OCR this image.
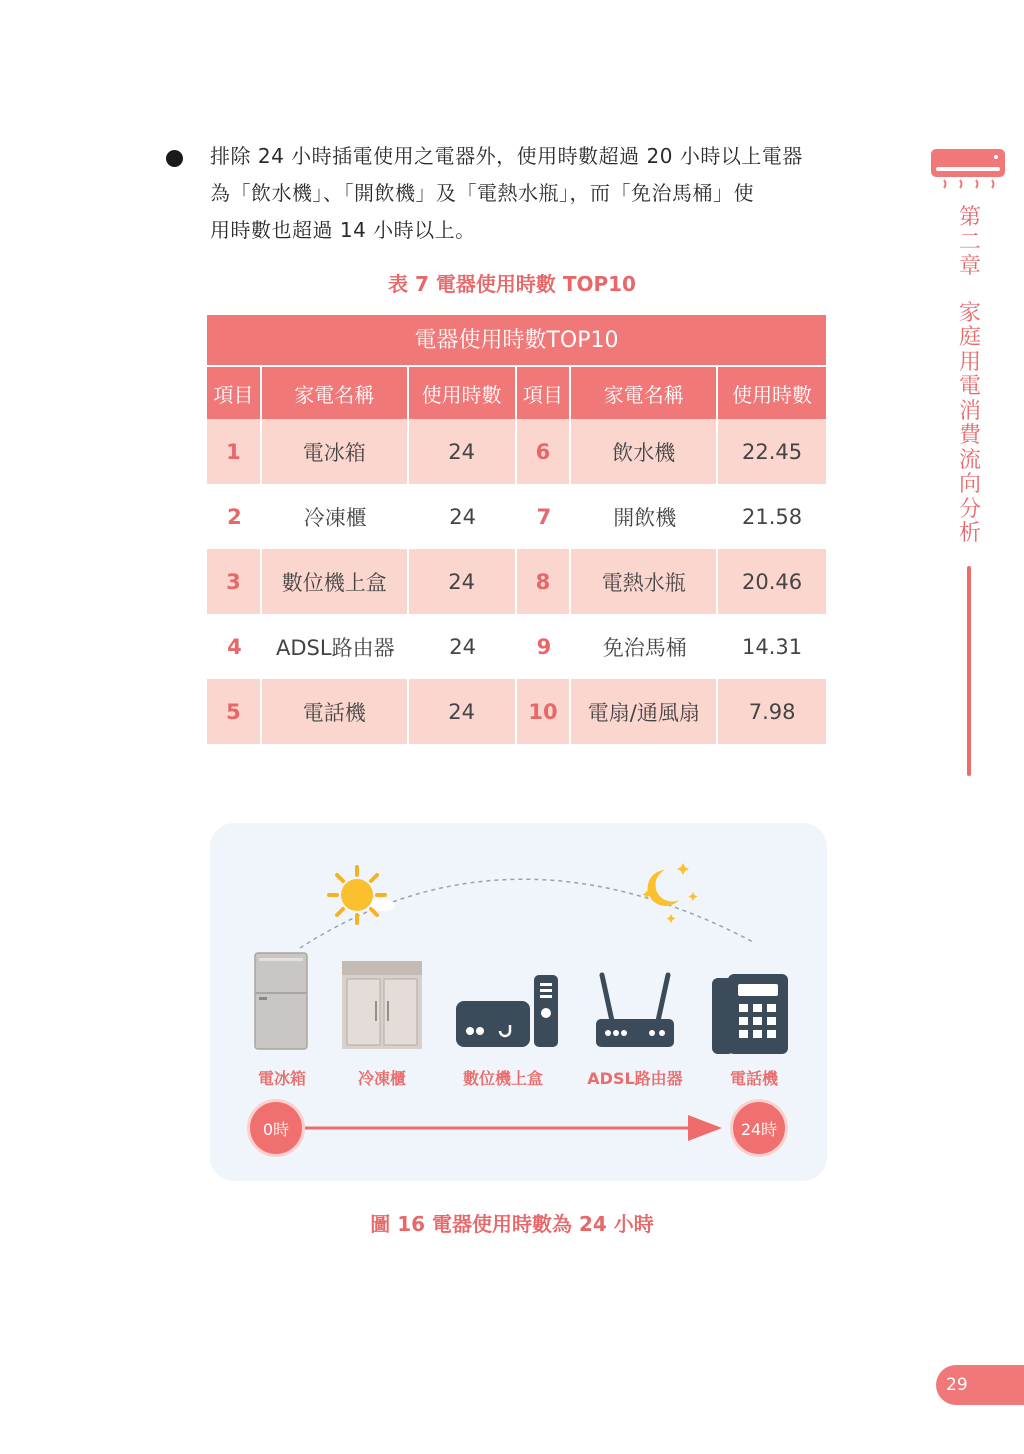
第
二
章
家
庭
用
電
消
費
流
向
分
析
排除 24 小時插電使用之電器外，使用時數超過 20 小時以上電器
為「飲水機」、「開飲機」及「電熱水瓶」，而「免治馬桶」使
用時數也超過 14 小時以上。
表 7 電器使用時數 TOP10
電器使用時數TOP10
項目	家電名稱	使用時數	項目	家電名稱	使用時數
1	電冰箱	24	6	飲水機	22.45
2	冷凍櫃	24	7	開飲機	21.58
3	數位機上盒	24	8	電熱水瓶	20.46
4	ADSL路由器	24	9	免治馬桶	14.31
5	電話機	24	10	電扇/通風扇	7.98
電冰箱	冷凍櫃	數位機上盒	ADSL路由器	電話機
0時	24時
圖 16 電器使用時數為 24 小時
29
